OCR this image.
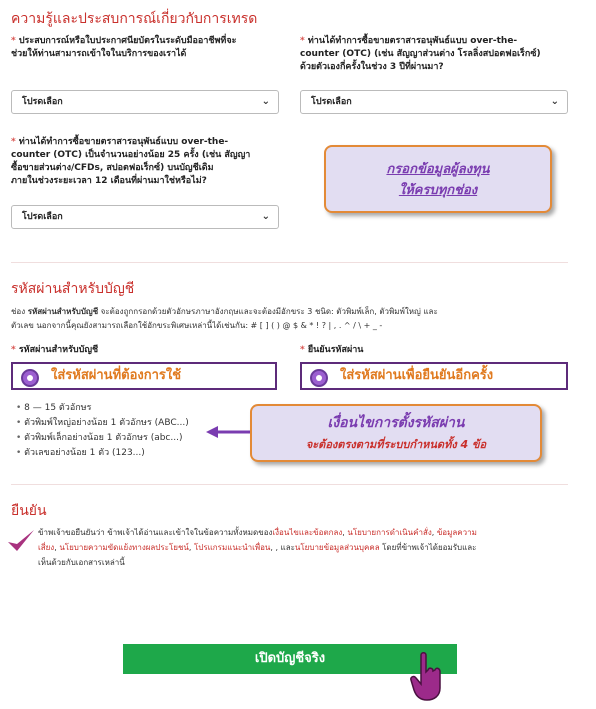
ความรู้และประสบการณ์เกี่ยวกับการเทรด
* ประสบการณ์หรือใบประกาศนียบัตรในระดับมืออาชีพที่จะ
ช่วยให้ท่านสามารถเข้าใจในบริการของเราได้
* ท่านได้ทำการซื้อขายตราสารอนุพันธ์แบบ over-the-
counter (OTC) (เช่น สัญญาส่วนต่าง โรลลิ่งสปอตฟอเร็กซ์)
ด้วยตัวเองกี่ครั้งในช่วง 3 ปีที่ผ่านมา?
โปรดเลือก	⌄	โปรดเลือก	⌄
* ท่านได้ทำการซื้อขายตราสารอนุพันธ์แบบ over-the-
counter (OTC) เป็นจำนวนอย่างน้อย 25 ครั้ง (เช่น สัญญา
ซื้อขายส่วนต่าง/CFDs, สปอตฟอเร็กซ์) บนบัญชีเดิม
ภายในช่วงระยะเวลา 12 เดือนที่ผ่านมาใช่หรือไม่?
โปรดเลือก	⌄
กรอกข้อมูลผู้ลงทุน
ให้ครบทุกช่อง
รหัสผ่านสำหรับบัญชี
ช่อง รหัสผ่านสำหรับบัญชี จะต้องถูกกรอกด้วยตัวอักษรภาษาอังกฤษและจะต้องมีอักขระ 3 ชนิด: ตัวพิมพ์เล็ก, ตัวพิมพ์ใหญ่ และ
ตัวเลข นอกจากนี้คุณยังสามารถเลือกใช้อักขระพิเศษเหล่านี้ได้เช่นกัน: # [ ] ( ) @ $ & * ! ? | , . ^ / \ + _ -
* รหัสผ่านสำหรับบัญชี	* ยืนยันรหัสผ่าน
ใส่รหัสผ่านที่ต้องการใช้	ใส่รหัสผ่านเพื่อยืนยันอีกครั้ง
• 8 — 15 ตัวอักษร
• ตัวพิมพ์ใหญ่อย่างน้อย 1 ตัวอักษร (ABC...)
• ตัวพิมพ์เล็กอย่างน้อย 1 ตัวอักษร (abc...)
• ตัวเลขอย่างน้อย 1 ตัว (123...)
เงื่อนไขการตั้งรหัสผ่าน
จะต้องตรงตามที่ระบบกำหนดทั้ง 4 ข้อ
ยืนยัน
ข้าพเจ้าขอยืนยันว่า ข้าพเจ้าได้อ่านและเข้าใจในข้อความทั้งหมดของเงื่อนไขและข้อตกลง, นโยบายการดำเนินคำสั่ง, ข้อมูลความ
เสี่ยง, นโยบายความขัดแย้งทางผลประโยชน์, โปรแกรมแนะนำเพื่อน, , และนโยบายข้อมูลส่วนบุคคล โดยที่ข้าพเจ้าได้ยอมรับและ
เห็นด้วยกับเอกสารเหล่านี้
เปิดบัญชีจริง
